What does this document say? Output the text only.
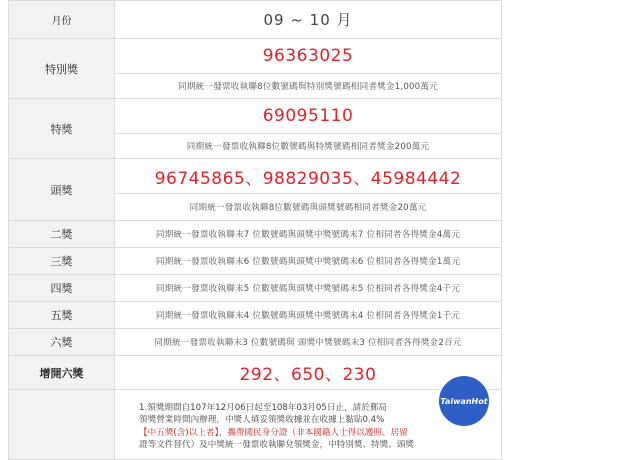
月份	09 ~ 10 月
特別獎	96363025
	同期統一發票收執聯8位數號碼與特別獎號碼相同者獎金1,000萬元
特獎	69095110
	同期統一發票收執聯8位數號碼與特獎號碼相同者獎金200萬元
頭獎	96745865、98829035、45984442
	同期統一發票收執聯8位數號碼與頭獎號碼相同者獎金20萬元
二獎	同期統一發票收執聯末7 位數號碼與頭獎中獎號碼末7 位相同者各得獎金4萬元
三獎	同期統一發票收執聯末6 位數號碼與頭獎中獎號碼末6 位相同者各得獎金1萬元
四獎	同期統一發票收執聯末5 位數號碼與頭獎中獎號碼末5 位相同者各得獎金4千元
五獎	同期統一發票收執聯末4 位數號碼與頭獎中獎號碼末4 位相同者各得獎金1千元
六獎	同期統一發票收執聯末3 位數號碼與 頭獎中獎號碼末3 位相同者各得獎金2百元
增開六獎	292、650、230

	1.領獎期間自107年12月06日起至108年03月05日止，請於郵局
領獎營業時間內辦理，中獎人填妥領獎收據並在收據上黏貼0.4%
【中五獎(含)以上者】，攜帶國民身分證（非本國籍人士得以護照、居留
證等文件替代）及中獎統一發票收執聯兌領獎金，中特別獎、特獎、頭獎
TaiwanHot
